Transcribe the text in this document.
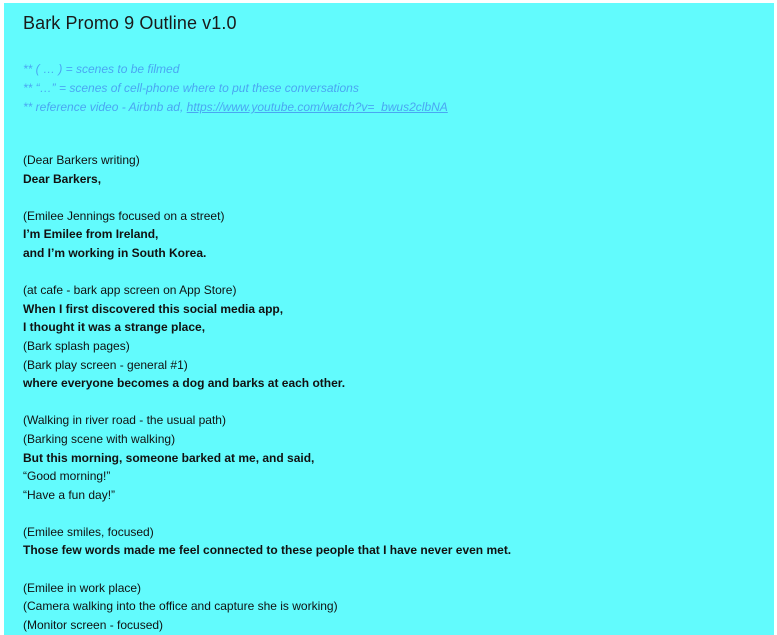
Bark Promo 9 Outline v1.0
** ( … ) = scenes to be filmed
** “…” = scenes of cell-phone where to put these conversations
** reference video - Airbnb ad, https://www.youtube.com/watch?v=_bwus2clbNA
(Dear Barkers writing)
Dear Barkers,
(Emilee Jennings focused on a street)
I’m Emilee from Ireland,
and I’m working in South Korea.
(at cafe - bark app screen on App Store)
When I first discovered this social media app,
I thought it was a strange place,
(Bark splash pages)
(Bark play screen - general #1)
where everyone becomes a dog and barks at each other.
(Walking in river road - the usual path)
(Barking scene with walking)
But this morning, someone barked at me, and said,
“Good morning!”
“Have a fun day!”
(Emilee smiles, focused)
Those few words made me feel connected to these people that I have never even met.
(Emilee in work place)
(Camera walking into the office and capture she is working)
(Monitor screen - focused)
